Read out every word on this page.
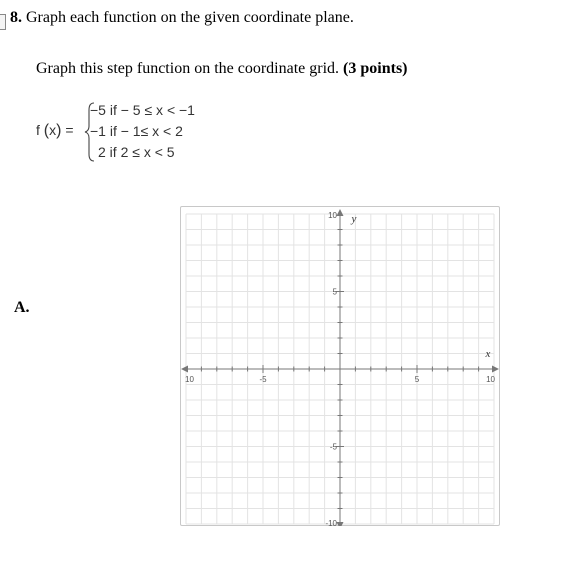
8. Graph each function on the given coordinate plane.
Graph this step function on the coordinate grid. (3 points)
f (x) =
−5 if − 5 ≤ x < −1
−1 if − 1≤ x < 2
2 if 2 ≤ x < 5
A.
10	-5	5	10
10
5
-5
-10
x
y
